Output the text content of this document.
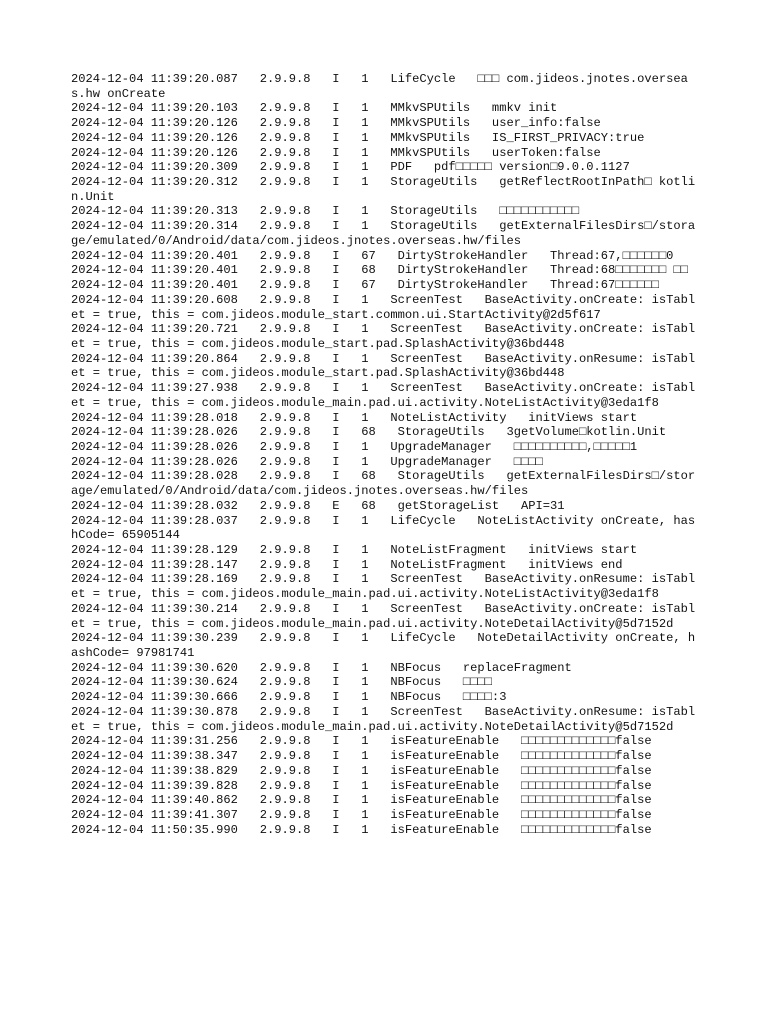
2024-12-04 11:39:20.087   2.9.9.8   I   1   LifeCycle   □□□ com.jideos.jnotes.overseas.hw onCreate
2024-12-04 11:39:20.103   2.9.9.8   I   1   MMkvSPUtils   mmkv init
2024-12-04 11:39:20.126   2.9.9.8   I   1   MMkvSPUtils   user_info:false
2024-12-04 11:39:20.126   2.9.9.8   I   1   MMkvSPUtils   IS_FIRST_PRIVACY:true
2024-12-04 11:39:20.126   2.9.9.8   I   1   MMkvSPUtils   userToken:false
2024-12-04 11:39:20.309   2.9.9.8   I   1   PDF   pdf□□□□□ version□9.0.0.1127
2024-12-04 11:39:20.312   2.9.9.8   I   1   StorageUtils   getReflectRootInPath□ kotlin.Unit
2024-12-04 11:39:20.313   2.9.9.8   I   1   StorageUtils   □□□□□□□□□□□
2024-12-04 11:39:20.314   2.9.9.8   I   1   StorageUtils   getExternalFilesDirs□/storage/emulated/0/Android/data/com.jideos.jnotes.overseas.hw/files
2024-12-04 11:39:20.401   2.9.9.8   I   67   DirtyStrokeHandler   Thread:67,□□□□□□0
2024-12-04 11:39:20.401   2.9.9.8   I   68   DirtyStrokeHandler   Thread:68□□□□□□□ □□
2024-12-04 11:39:20.401   2.9.9.8   I   67   DirtyStrokeHandler   Thread:67□□□□□□
2024-12-04 11:39:20.608   2.9.9.8   I   1   ScreenTest   BaseActivity.onCreate: isTablet = true, this = com.jideos.module_start.common.ui.StartActivity@2d5f617
2024-12-04 11:39:20.721   2.9.9.8   I   1   ScreenTest   BaseActivity.onCreate: isTablet = true, this = com.jideos.module_start.pad.SplashActivity@36bd448
2024-12-04 11:39:20.864   2.9.9.8   I   1   ScreenTest   BaseActivity.onResume: isTablet = true, this = com.jideos.module_start.pad.SplashActivity@36bd448
2024-12-04 11:39:27.938   2.9.9.8   I   1   ScreenTest   BaseActivity.onCreate: isTablet = true, this = com.jideos.module_main.pad.ui.activity.NoteListActivity@3eda1f8
2024-12-04 11:39:28.018   2.9.9.8   I   1   NoteListActivity   initViews start
2024-12-04 11:39:28.026   2.9.9.8   I   68   StorageUtils   3getVolume□kotlin.Unit
2024-12-04 11:39:28.026   2.9.9.8   I   1   UpgradeManager   □□□□□□□□□□,□□□□□1
2024-12-04 11:39:28.026   2.9.9.8   I   1   UpgradeManager   □□□□
2024-12-04 11:39:28.028   2.9.9.8   I   68   StorageUtils   getExternalFilesDirs□/storage/emulated/0/Android/data/com.jideos.jnotes.overseas.hw/files
2024-12-04 11:39:28.032   2.9.9.8   E   68   getStorageList   API=31
2024-12-04 11:39:28.037   2.9.9.8   I   1   LifeCycle   NoteListActivity onCreate, hashCode= 65905144
2024-12-04 11:39:28.129   2.9.9.8   I   1   NoteListFragment   initViews start
2024-12-04 11:39:28.147   2.9.9.8   I   1   NoteListFragment   initViews end
2024-12-04 11:39:28.169   2.9.9.8   I   1   ScreenTest   BaseActivity.onResume: isTablet = true, this = com.jideos.module_main.pad.ui.activity.NoteListActivity@3eda1f8
2024-12-04 11:39:30.214   2.9.9.8   I   1   ScreenTest   BaseActivity.onCreate: isTablet = true, this = com.jideos.module_main.pad.ui.activity.NoteDetailActivity@5d7152d
2024-12-04 11:39:30.239   2.9.9.8   I   1   LifeCycle   NoteDetailActivity onCreate, hashCode= 97981741
2024-12-04 11:39:30.620   2.9.9.8   I   1   NBFocus   replaceFragment
2024-12-04 11:39:30.624   2.9.9.8   I   1   NBFocus   □□□□
2024-12-04 11:39:30.666   2.9.9.8   I   1   NBFocus   □□□□:3
2024-12-04 11:39:30.878   2.9.9.8   I   1   ScreenTest   BaseActivity.onResume: isTablet = true, this = com.jideos.module_main.pad.ui.activity.NoteDetailActivity@5d7152d
2024-12-04 11:39:31.256   2.9.9.8   I   1   isFeatureEnable   □□□□□□□□□□□□□false
2024-12-04 11:39:38.347   2.9.9.8   I   1   isFeatureEnable   □□□□□□□□□□□□□false
2024-12-04 11:39:38.829   2.9.9.8   I   1   isFeatureEnable   □□□□□□□□□□□□□false
2024-12-04 11:39:39.828   2.9.9.8   I   1   isFeatureEnable   □□□□□□□□□□□□□false
2024-12-04 11:39:40.862   2.9.9.8   I   1   isFeatureEnable   □□□□□□□□□□□□□false
2024-12-04 11:39:41.307   2.9.9.8   I   1   isFeatureEnable   □□□□□□□□□□□□□false
2024-12-04 11:50:35.990   2.9.9.8   I   1   isFeatureEnable   □□□□□□□□□□□□□false
